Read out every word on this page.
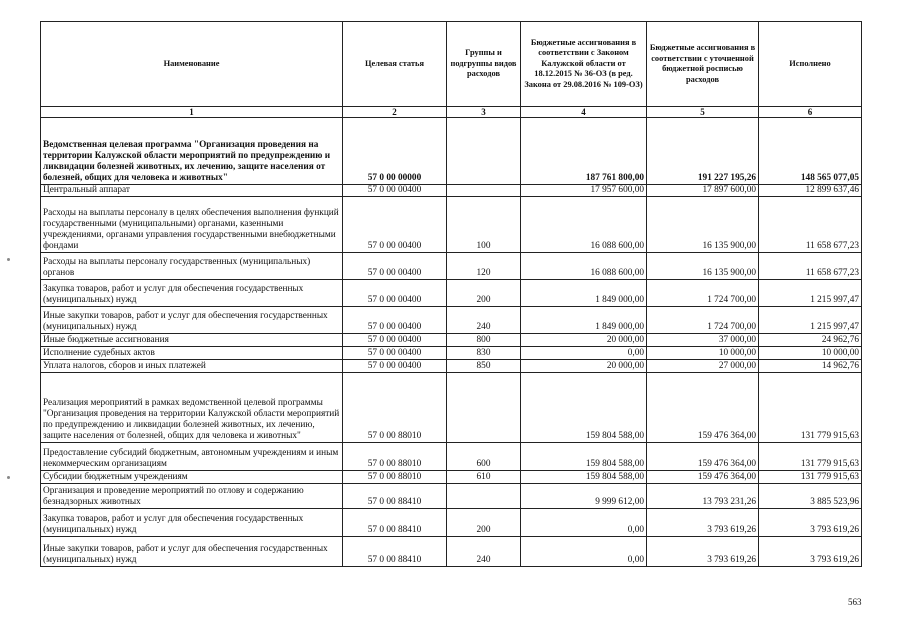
Наименование	Целевая статья	Группы и подгруппы видов расходов	Бюджетные ассигнования в соответствии с Законом Калужской области от 18.12.2015 № 36-ОЗ (в ред. Закона от 29.08.2016 № 109-ОЗ)	Бюджетные ассигнования в соответствии с уточненной бюджетной росписью расходов	Исполнено
1	2	3	4	5	6
Ведомственная целевая программа "Организация проведения на территории Калужской области мероприятий по предупреждению и ликвидации болезней животных, их лечению, защите населения от болезней, общих для человека и животных"	57 0 00 00000		187 761 800,00	191 227 195,26	148 565 077,05
Центральный аппарат	57 0 00 00400		17 957 600,00	17 897 600,00	12 899 637,46
Расходы на выплаты персоналу в целях обеспечения выполнения функций государственными (муниципальными) органами, казенными учреждениями, органами управления государственными внебюджетными фондами	57 0 00 00400	100	16 088 600,00	16 135 900,00	11 658 677,23
Расходы на выплаты персоналу государственных (муниципальных) органов	57 0 00 00400	120	16 088 600,00	16 135 900,00	11 658 677,23
Закупка товаров, работ и услуг для обеспечения государственных (муниципальных) нужд	57 0 00 00400	200	1 849 000,00	1 724 700,00	1 215 997,47
Иные закупки товаров, работ и услуг для обеспечения государственных (муниципальных) нужд	57 0 00 00400	240	1 849 000,00	1 724 700,00	1 215 997,47
Иные бюджетные ассигнования	57 0 00 00400	800	20 000,00	37 000,00	24 962,76
Исполнение судебных актов	57 0 00 00400	830	0,00	10 000,00	10 000,00
Уплата налогов, сборов и иных платежей	57 0 00 00400	850	20 000,00	27 000,00	14 962,76
Реализация мероприятий в рамках ведомственной целевой программы "Организация проведения на территории Калужской области мероприятий по предупреждению и ликвидации болезней животных, их лечению, защите населения от болезней, общих для человека и животных"	57 0 00 88010		159 804 588,00	159 476 364,00	131 779 915,63
Предоставление субсидий бюджетным, автономным учреждениям и иным некоммерческим организациям	57 0 00 88010	600	159 804 588,00	159 476 364,00	131 779 915,63
Субсидии бюджетным учреждениям	57 0 00 88010	610	159 804 588,00	159 476 364,00	131 779 915,63
Организация и проведение мероприятий по отлову и содержанию безнадзорных животных	57 0 00 88410		9 999 612,00	13 793 231,26	3 885 523,96
Закупка товаров, работ и услуг для обеспечения государственных (муниципальных) нужд	57 0 00 88410	200	0,00	3 793 619,26	3 793 619,26
Иные закупки товаров, работ и услуг для обеспечения государственных (муниципальных) нужд	57 0 00 88410	240	0,00	3 793 619,26	3 793 619,26
563
